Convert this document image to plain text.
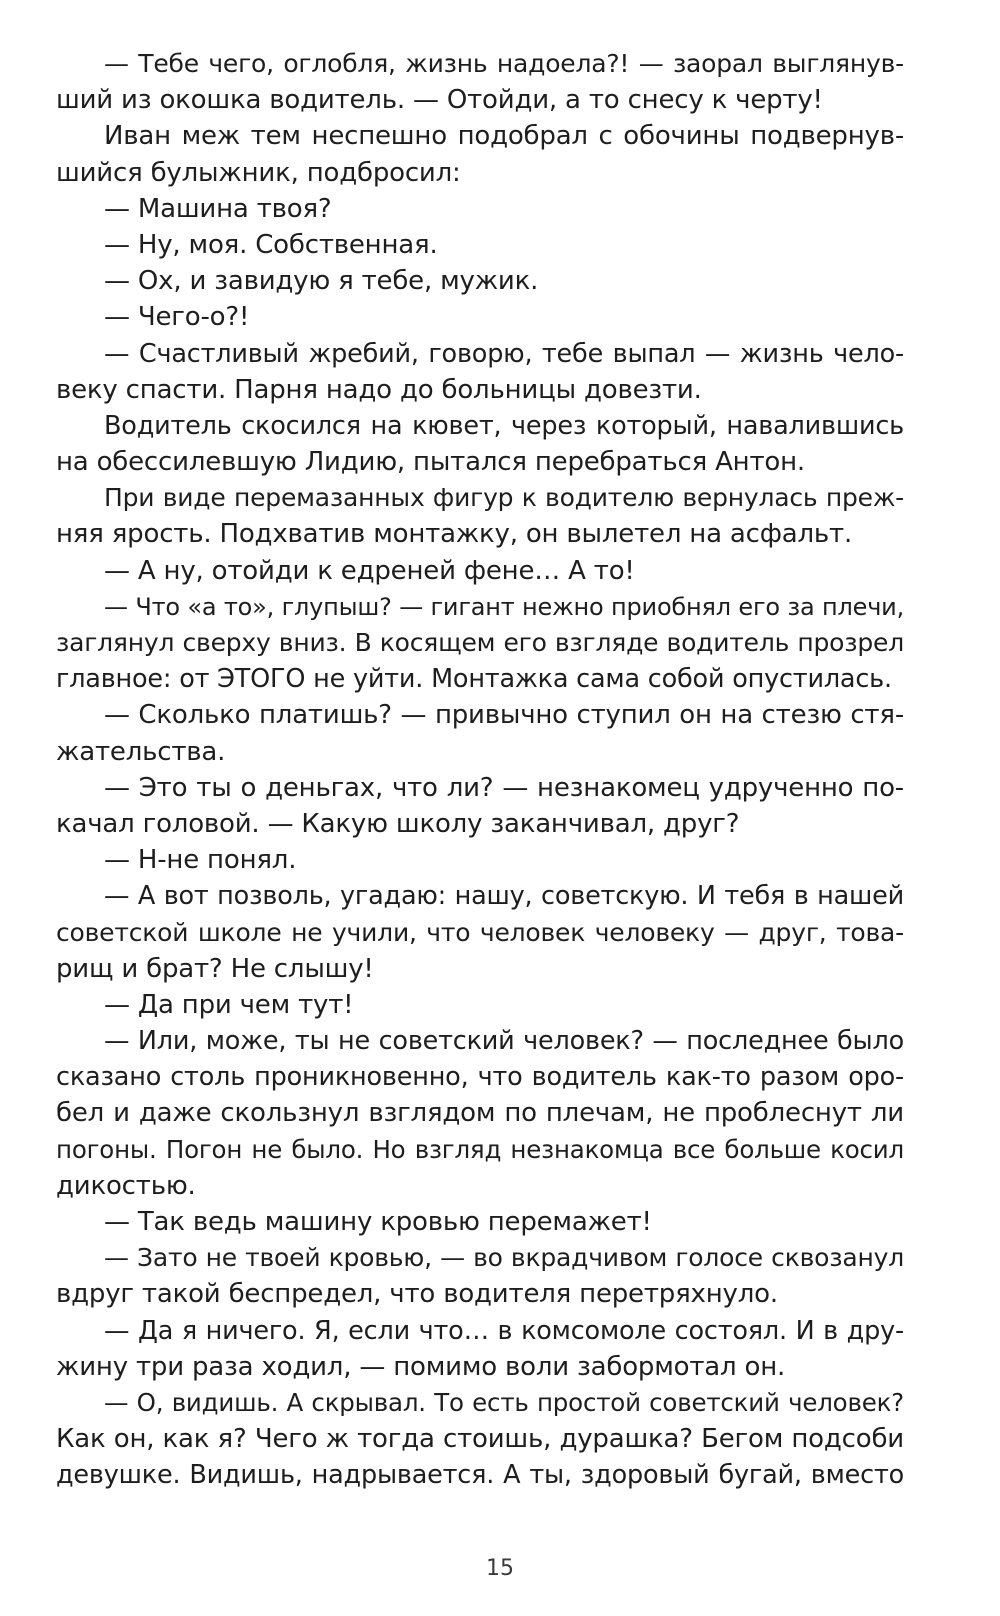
— Тебе чего, оглобля, жизнь надоела?! — заорал выглянув-
ший из окошка водитель. — Отойди, а то снесу к черту!
Иван меж тем неспешно подобрал с обочины подвернув-
шийся булыжник, подбросил:
— Машина твоя?
— Ну, моя. Собственная.
— Ох, и завидую я тебе, мужик.
— Чего-о?!
— Счастливый жребий, говорю, тебе выпал — жизнь чело-
веку спасти. Парня надо до больницы довезти.
Водитель скосился на кювет, через который, навалившись
на обессилевшую Лидию, пытался перебраться Антон.
При виде перемазанных фигур к водителю вернулась преж-
няя ярость. Подхватив монтажку, он вылетел на асфальт.
— А ну, отойди к едреней фене… А то!
— Что «а то», глупыш? — гигант нежно приобнял его за плечи,
заглянул сверху вниз. В косящем его взгляде водитель прозрел
главное: от ЭТОГО не уйти. Монтажка сама собой опустилась.
— Сколько платишь? — привычно ступил он на стезю стя-
жательства.
— Это ты о деньгах, что ли? — незнакомец удрученно по-
качал головой. — Какую школу заканчивал, друг?
— Н-не понял.
— А вот позволь, угадаю: нашу, советскую. И тебя в нашей
советской школе не учили, что человек человеку — друг, това-
рищ и брат? Не слышу!
— Да при чем тут!
— Или, може, ты не советский человек? — последнее было
сказано столь проникновенно, что водитель как-то разом оро-
бел и даже скользнул взглядом по плечам, не проблеснут ли
погоны. Погон не было. Но взгляд незнакомца все больше косил
дикостью.
— Так ведь машину кровью перемажет!
— Зато не твоей кровью, — во вкрадчивом голосе сквозанул
вдруг такой беспредел, что водителя перетряхнуло.
— Да я ничего. Я, если что… в комсомоле состоял. И в дру-
жину три раза ходил, — помимо воли забормотал он.
— О, видишь. А скрывал. То есть простой советский человек?
Как он, как я? Чего ж тогда стоишь, дурашка? Бегом подсоби
девушке. Видишь, надрывается. А ты, здоровый бугай, вместо
15
